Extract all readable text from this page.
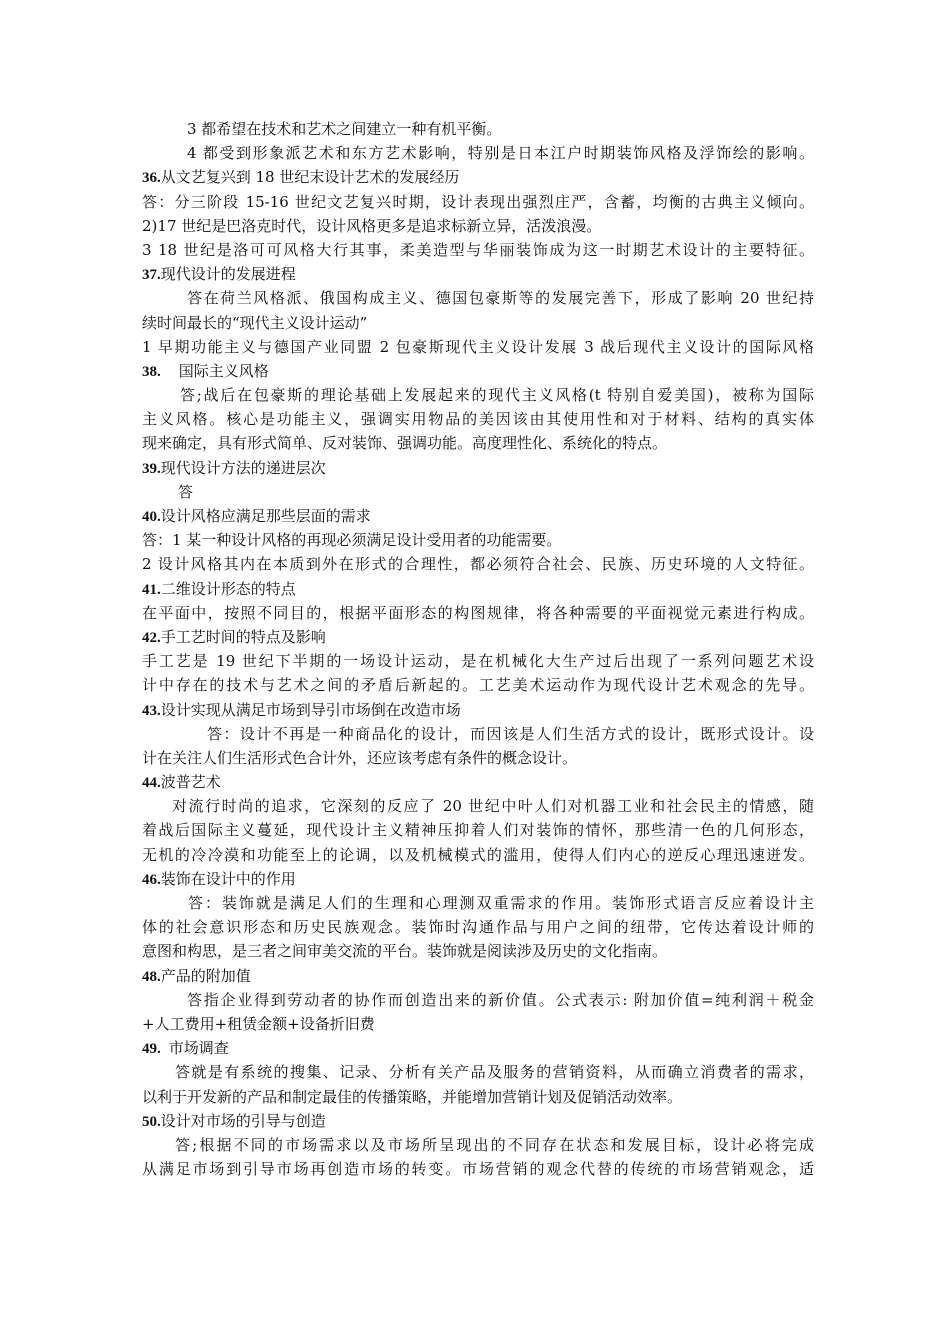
3 都希望在技术和艺术之间建立一种有机平衡。
4 都受到形象派艺术和东方艺术影响，特别是日本江户时期装饰风格及浮饰绘的影响。
36.从文艺复兴到 18 世纪末设计艺术的发展经历
答：分三阶段 15-16 世纪文艺复兴时期，设计表现出强烈庄严，含蓄，均衡的古典主义倾向。
2)17 世纪是巴洛克时代，设计风格更多是追求标新立异，活泼浪漫。
3 18 世纪是洛可可风格大行其事，柔美造型与华丽装饰成为这一时期艺术设计的主要特征。
37.现代设计的发展进程
答在荷兰风格派、俄国构成主义、德国包豪斯等的发展完善下，形成了影响 20 世纪持
续时间最长的“现代主义设计运动”
1 早期功能主义与德国产业同盟 2 包豪斯现代主义设计发展 3 战后现代主义设计的国际风格
38. 国际主义风格
答;战后在包豪斯的理论基础上发展起来的现代主义风格(t 特别自爱美国)，被称为国际
主义风格。核心是功能主义，强调实用物品的美因该由其使用性和对于材料、结构的真实体
现来确定，具有形式简单、反对装饰、强调功能。高度理性化、系统化的特点。
39.现代设计方法的递进层次
答
40.设计风格应满足那些层面的需求
答：1 某一种设计风格的再现必须满足设计受用者的功能需要。
2 设计风格其内在本质到外在形式的合理性，都必须符合社会、民族、历史环境的人文特征。
41.二维设计形态的特点
在平面中，按照不同目的，根据平面形态的构图规律，将各种需要的平面视觉元素进行构成。
42.手工艺时间的特点及影响
手工艺是 19 世纪下半期的一场设计运动，是在机械化大生产过后出现了一系列问题艺术设
计中存在的技术与艺术之间的矛盾后新起的。工艺美术运动作为现代设计艺术观念的先导。
43.设计实现从满足市场到导引市场倒在改造市场
答：设计不再是一种商品化的设计，而因该是人们生活方式的设计，既形式设计。设
计在关注人们生活形式色合计外，还应该考虑有条件的概念设计。
44.波普艺术
对流行时尚的追求，它深刻的反应了 20 世纪中叶人们对机器工业和社会民主的情感，随
着战后国际主义蔓延，现代设计主义精神压抑着人们对装饰的情怀，那些清一色的几何形态，
无机的冷冷漠和功能至上的论调，以及机械模式的滥用，使得人们内心的逆反心理迅速迸发。
46.装饰在设计中的作用
答：装饰就是满足人们的生理和心理测双重需求的作用。装饰形式语言反应着设计主
体的社会意识形态和历史民族观念。装饰时沟通作品与用户之间的纽带，它传达着设计师的
意图和构思，是三者之间审美交流的平台。装饰就是阅读涉及历史的文化指南。
48.产品的附加值
答指企业得到劳动者的协作而创造出来的新价值。公式表示: 附加价值=纯利润＋税金
+人工费用+租赁金额+设备折旧费
49. 市场调查
答就是有系统的搜集、记录、分析有关产品及服务的营销资料，从而确立消费者的需求，
以利于开发新的产品和制定最佳的传播策略，并能增加营销计划及促销活动效率。
50.设计对市场的引导与创造
答;根据不同的市场需求以及市场所呈现出的不同存在状态和发展目标，设计必将完成
从满足市场到引导市场再创造市场的转变。市场营销的观念代替的传统的市场营销观念，适
